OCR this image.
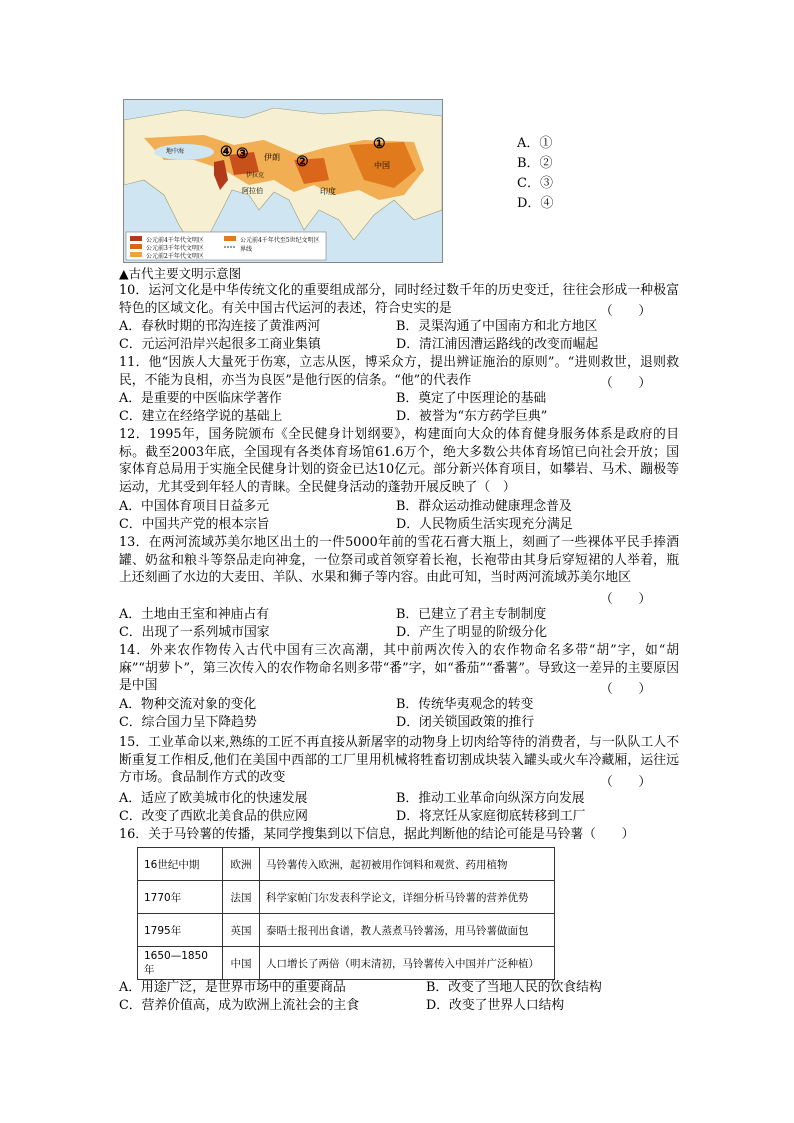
公元前4千年代文明区
公元前3千年代文明区
公元前2千年代文明区
公元前4千年代至5世纪文明区
界线
①
②
③
④	伊朗
中国
印度
阿拉伯
伊拉克
地中海
A．①
B．②
C．③
D．④
▲古代主要文明示意图
10．运河文化是中华传统文化的重要组成部分，同时经过数千年的历史变迁，往往会形成一种极富特色的区域文化。有关中国古代运河的表述，符合史实的是	（　　）
A．春秋时期的邗沟连接了黄淮两河	B．灵渠沟通了中国南方和北方地区
C．元运河沿岸兴起很多工商业集镇	D．清江浦因漕运路线的改变而崛起
11．他“因族人大量死于伤寒，立志从医，博采众方，提出辨证施治的原则”。“进则救世，退则救民，不能为良相，亦当为良医”是他行医的信条。“他”的代表作	（　　）
A．是重要的中医临床学著作	B．奠定了中医理论的基础
C．建立在经络学说的基础上	D．被誉为“东方药学巨典”
12．1995年，国务院颁布《全民健身计划纲要》，构建面向大众的体育健身服务体系是政府的目标。截至2003年底，全国现有各类体育场馆61.6万个，绝大多数公共体育场馆已向社会开放；国家体育总局用于实施全民健身计划的资金已达10亿元。部分新兴体育项目，如攀岩、马术、蹦极等运动，尤其受到年轻人的青睐。全民健身活动的蓬勃开展反映了（　）
A．中国体育项目日益多元	B．群众运动推动健康理念普及
C．中国共产党的根本宗旨	D．人民物质生活实现充分满足
13．在两河流域苏美尔地区出土的一件5000年前的雪花石膏大瓶上，刻画了一些裸体平民手捧酒罐、奶盆和粮斗等祭品走向神龛，一位祭司或首领穿着长袍，长袍带由其身后穿短裙的人举着，瓶上还刻画了水边的大麦田、羊队、水果和狮子等内容。由此可知，当时两河流域苏美尔地区
（　　）
A．土地由王室和神庙占有	B．已建立了君主专制制度
C．出现了一系列城市国家	D．产生了明显的阶级分化
14．外来农作物传入古代中国有三次高潮，其中前两次传入的农作物命名多带“胡”字，如“胡麻”“胡萝卜”，第三次传入的农作物命名则多带“番”字，如“番茄”“番薯”。导致这一差异的主要原因是中国	（　　）
A．物种交流对象的变化	B．传统华夷观念的转变
C．综合国力呈下降趋势	D．闭关锁国政策的推行
15．工业革命以来,熟练的工匠不再直接从新屠宰的动物身上切肉给等待的消费者，与一队队工人不断重复工作相反,他们在美国中西部的工厂里用机械将牲畜切割成块装入罐头或火车冷藏厢，运往远方市场。食品制作方式的改变	（　　）
A．适应了欧美城市化的快速发展	B．推动工业革命向纵深方向发展
C．改变了西欧北美食品的供应网	D．将烹饪从家庭彻底转移到工厂
16．关于马铃薯的传播，某同学搜集到以下信息，据此判断他的结论可能是马铃薯（　　）
16世纪中期	欧洲	马铃薯传入欧洲，起初被用作饲料和观赏、药用植物
1770年	法国	科学家帕门尔发表科学论文，详细分析马铃薯的营养优势
1795年	英国	泰晤士报刊出食谱，教人蒸煮马铃薯汤，用马铃薯做面包
1650—1850年	中国	人口增长了两倍（明末清初，马铃薯传入中国并广泛种植）
A．用途广泛，是世界市场中的重要商品	B．改变了当地人民的饮食结构
C．营养价值高，成为欧洲上流社会的主食	D．改变了世界人口结构
